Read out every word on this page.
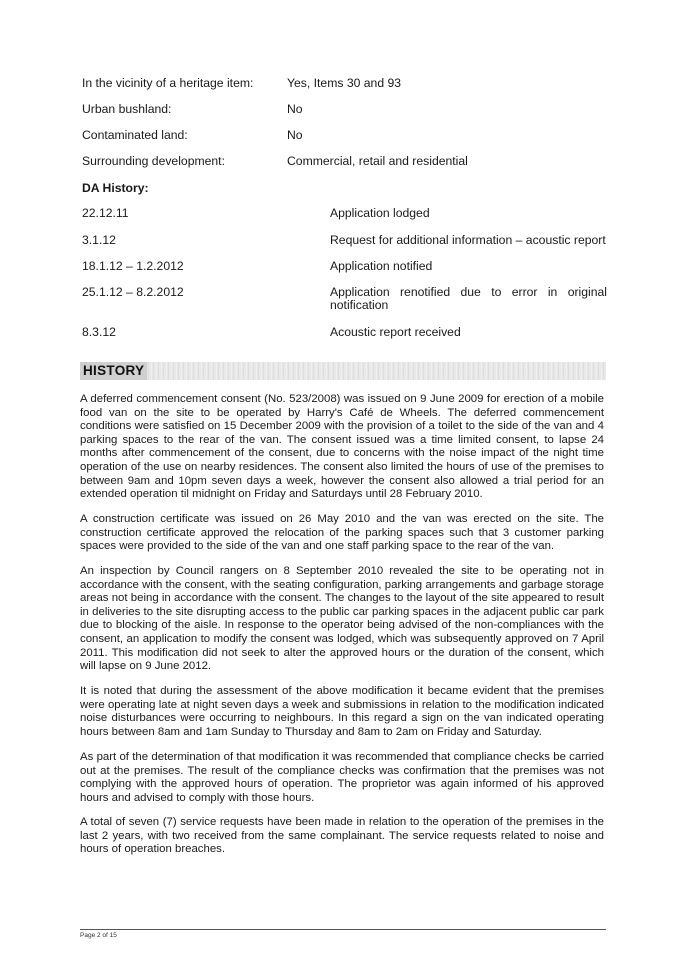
In the vicinity of a heritage item:	Yes, Items 30 and 93
Urban bushland:	No
Contaminated land:	No
Surrounding development:	Commercial, retail and residential
DA History:
22.12.11	Application lodged
3.1.12	Request for additional information – acoustic report
18.1.12 – 1.2.2012	Application notified
25.1.12 – 8.2.2012	Application renotified due to error in original notification
8.3.12	Acoustic report received
HISTORY

A deferred commencement consent (No. 523/2008) was issued on 9 June 2009 for erection of a mobile food van on the site to be operated by Harry's Café de Wheels. The deferred commencement conditions were satisfied on 15 December 2009 with the provision of a toilet to the side of the van and 4 parking spaces to the rear of the van. The consent issued was a time limited consent, to lapse 24 months after commencement of the consent, due to concerns with the noise impact of the night time operation of the use on nearby residences. The consent also limited the hours of use of the premises to between 9am and 10pm seven days a week, however the consent also allowed a trial period for an extended operation til midnight on Friday and Saturdays until 28 February 2010.

A construction certificate was issued on 26 May 2010 and the van was erected on the site. The construction certificate approved the relocation of the parking spaces such that 3 customer parking spaces were provided to the side of the van and one staff parking space to the rear of the van.

An inspection by Council rangers on 8 September 2010 revealed the site to be operating not in accordance with the consent, with the seating configuration, parking arrangements and garbage storage areas not being in accordance with the consent. The changes to the layout of the site appeared to result in deliveries to the site disrupting access to the public car parking spaces in the adjacent public car park due to blocking of the aisle. In response to the operator being advised of the non-compliances with the consent, an application to modify the consent was lodged, which was subsequently approved on 7 April 2011. This modification did not seek to alter the approved hours or the duration of the consent, which will lapse on 9 June 2012.

It is noted that during the assessment of the above modification it became evident that the premises were operating late at night seven days a week and submissions in relation to the modification indicated noise disturbances were occurring to neighbours. In this regard a sign on the van indicated operating hours between 8am and 1am Sunday to Thursday and 8am to 2am on Friday and Saturday.

As part of the determination of that modification it was recommended that compliance checks be carried out at the premises. The result of the compliance checks was confirmation that the premises was not complying with the approved hours of operation. The proprietor was again informed of his approved hours and advised to comply with those hours.

A total of seven (7) service requests have been made in relation to the operation of the premises in the last 2 years, with two received from the same complainant. The service requests related to noise and hours of operation breaches.

Page 2 of 15
